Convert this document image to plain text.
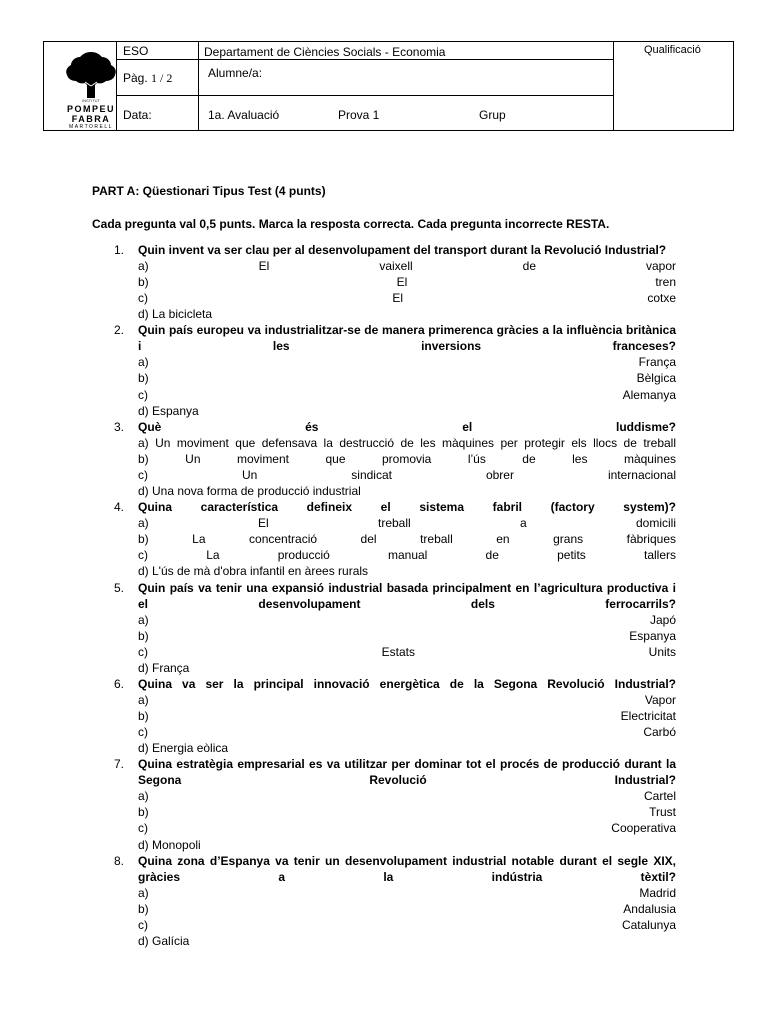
INSTITUT
POMPEU
FABRA
MARTORELL
ESO	Departament de Ciències Socials - Economia	Qualificació
Pàg. 1 / 2	Alumne/a:
Data:	1a. Avaluació	Prova 1	Grup
PART A: Qüestionari Tipus Test (4 punts)
Cada pregunta val 0,5 punts. Marca la resposta correcta. Cada pregunta incorrecte RESTA.
1. Quin invent va ser clau per al desenvolupament del transport durant la Revolució Industrial?
a) El vaixell de vapor
b) El tren
c) El cotxe
d) La bicicleta
2. Quin país europeu va industrialitzar-se de manera primerenca gràcies a la influència britànica i les inversions franceses?
a) França
b) Bèlgica
c) Alemanya
d) Espanya
3. Què és el luddisme?
a) Un moviment que defensava la destrucció de les màquines per protegir els llocs de treball
b) Un moviment que promovia l’ús de les màquines
c) Un sindicat obrer internacional
d) Una nova forma de producció industrial
4. Quina característica defineix el sistema fabril (factory system)?
a) El treball a domicili
b) La concentració del treball en grans fàbriques
c) La producció manual de petits tallers
d) L'ús de mà d'obra infantil en àrees rurals
5. Quin país va tenir una expansió industrial basada principalment en l’agricultura productiva i el desenvolupament dels ferrocarrils?
a) Japó
b) Espanya
c) Estats Units
d) França
6. Quina va ser la principal innovació energètica de la Segona Revolució Industrial?
a) Vapor
b) Electricitat
c) Carbó
d) Energia eòlica
7. Quina estratègia empresarial es va utilitzar per dominar tot el procés de producció durant la Segona Revolució Industrial?
a) Cartel
b) Trust
c) Cooperativa
d) Monopoli
8. Quina zona d’Espanya va tenir un desenvolupament industrial notable durant el segle XIX, gràcies a la indústria tèxtil?
a) Madrid
b) Andalusia
c) Catalunya
d) Galícia
